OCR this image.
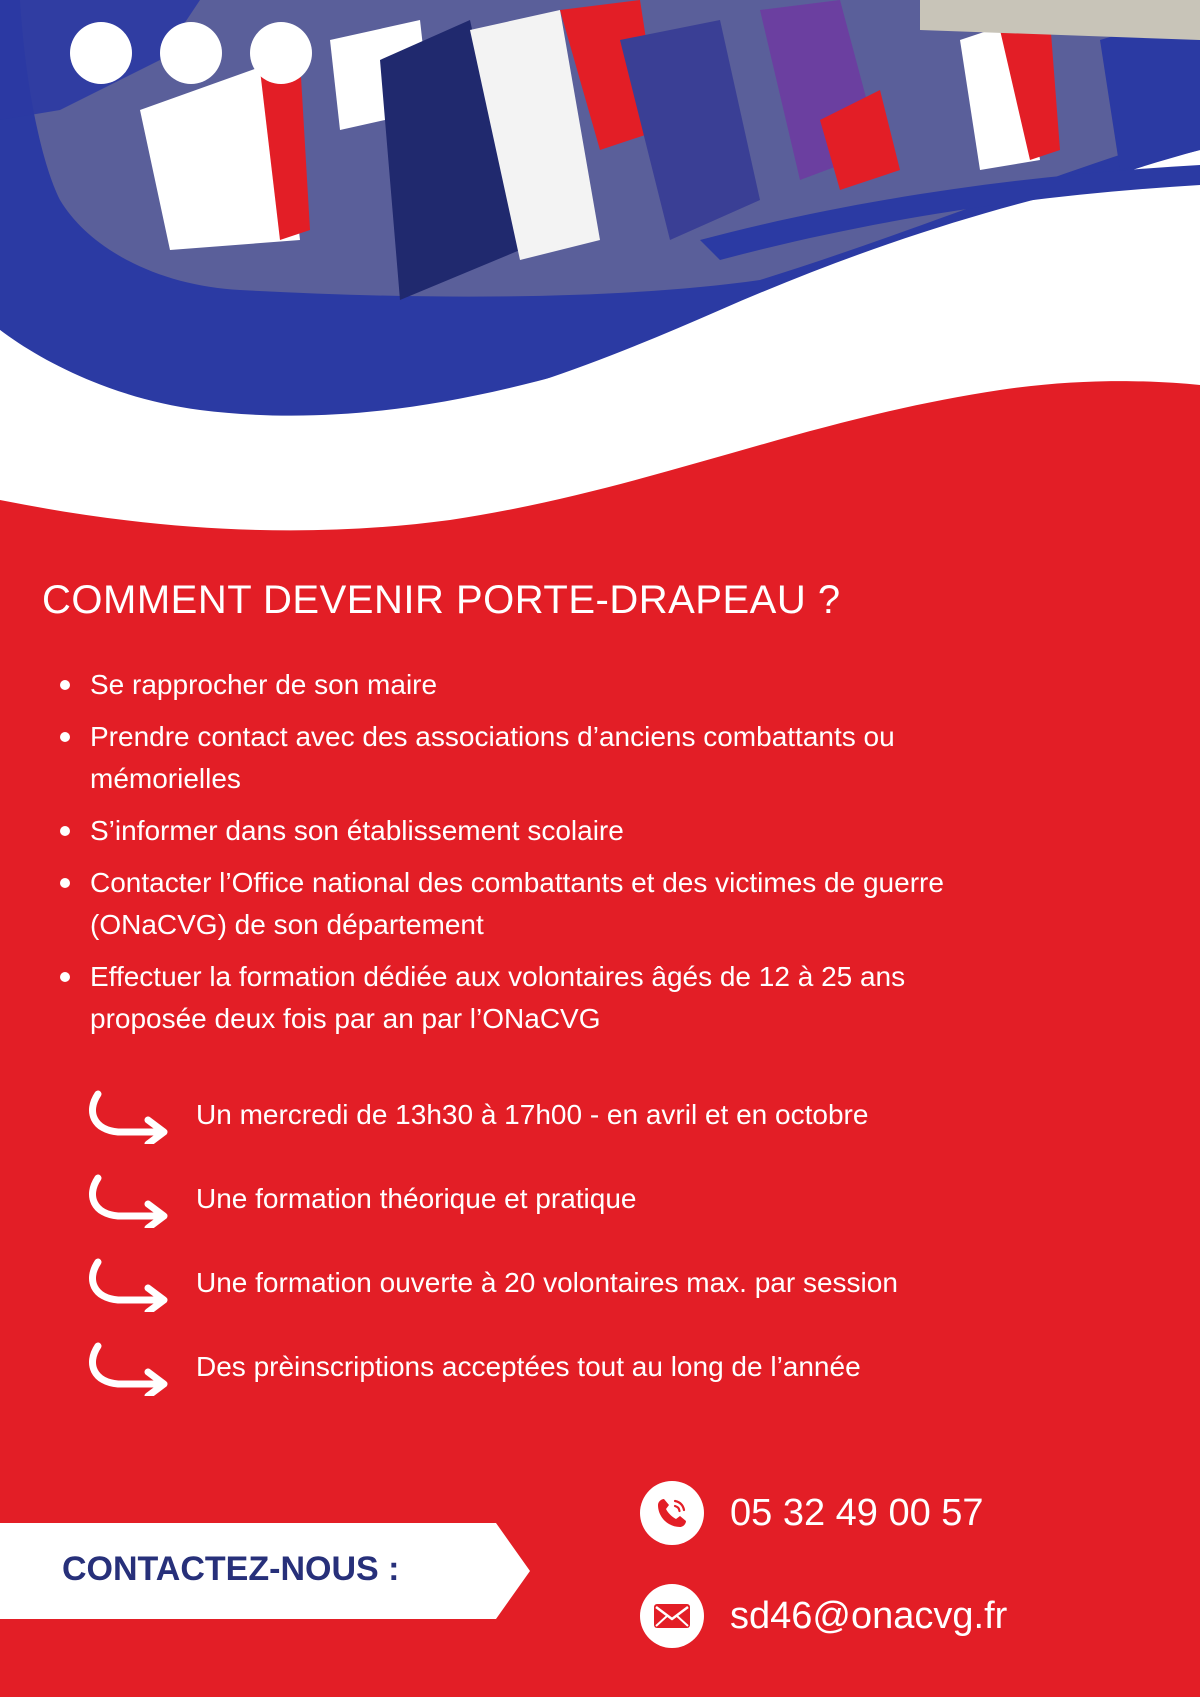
COMMENT DEVENIR PORTE-DRAPEAU ?
Se rapprocher de son maire
Prendre contact avec des associations d’anciens combattants ou
mémorielles
S’informer dans son établissement scolaire
Contacter l’Office national des combattants et des victimes de guerre
(ONaCVG) de son département
Effectuer la formation dédiée aux volontaires âgés de 12 à 25 ans
proposée deux fois par an par l’ONaCVG
Un mercredi de 13h30 à 17h00 - en avril et en octobre
Une formation théorique et pratique
Une formation ouverte à 20 volontaires max. par session
Des prèinscriptions acceptées tout au long de l’année
CONTACTEZ-NOUS :
05 32 49 00 57
sd46@onacvg.fr
